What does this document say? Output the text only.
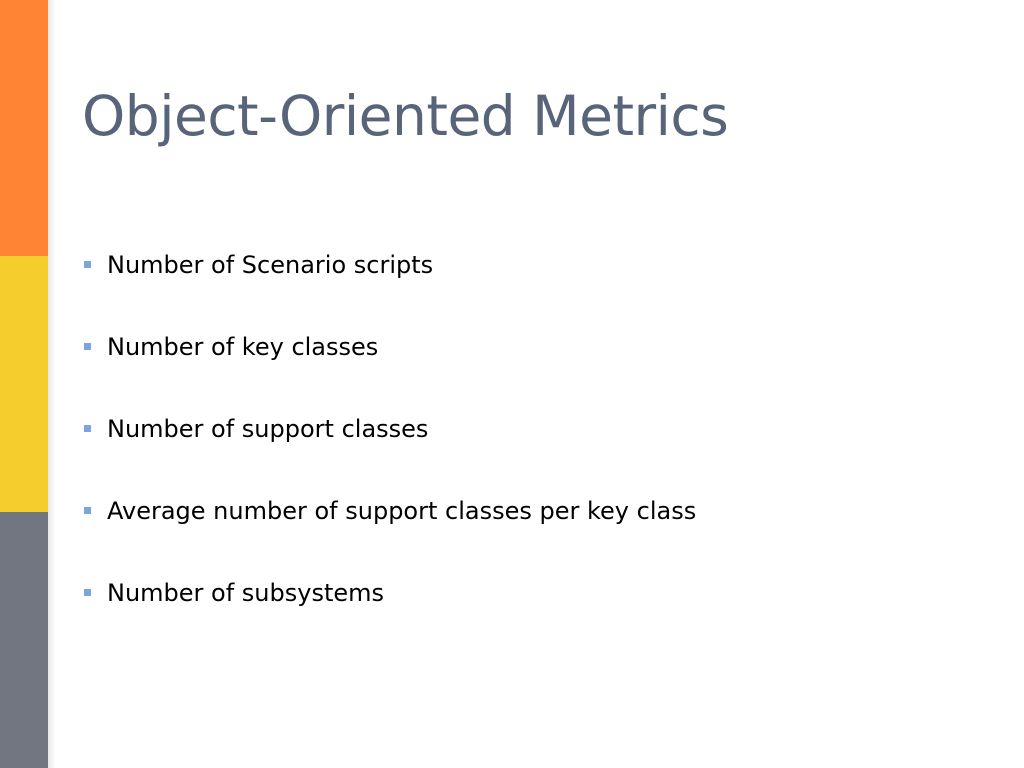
Object-Oriented Metrics
Number of Scenario scripts
Number of key classes
Number of support classes
Average number of support classes per key class
Number of subsystems
